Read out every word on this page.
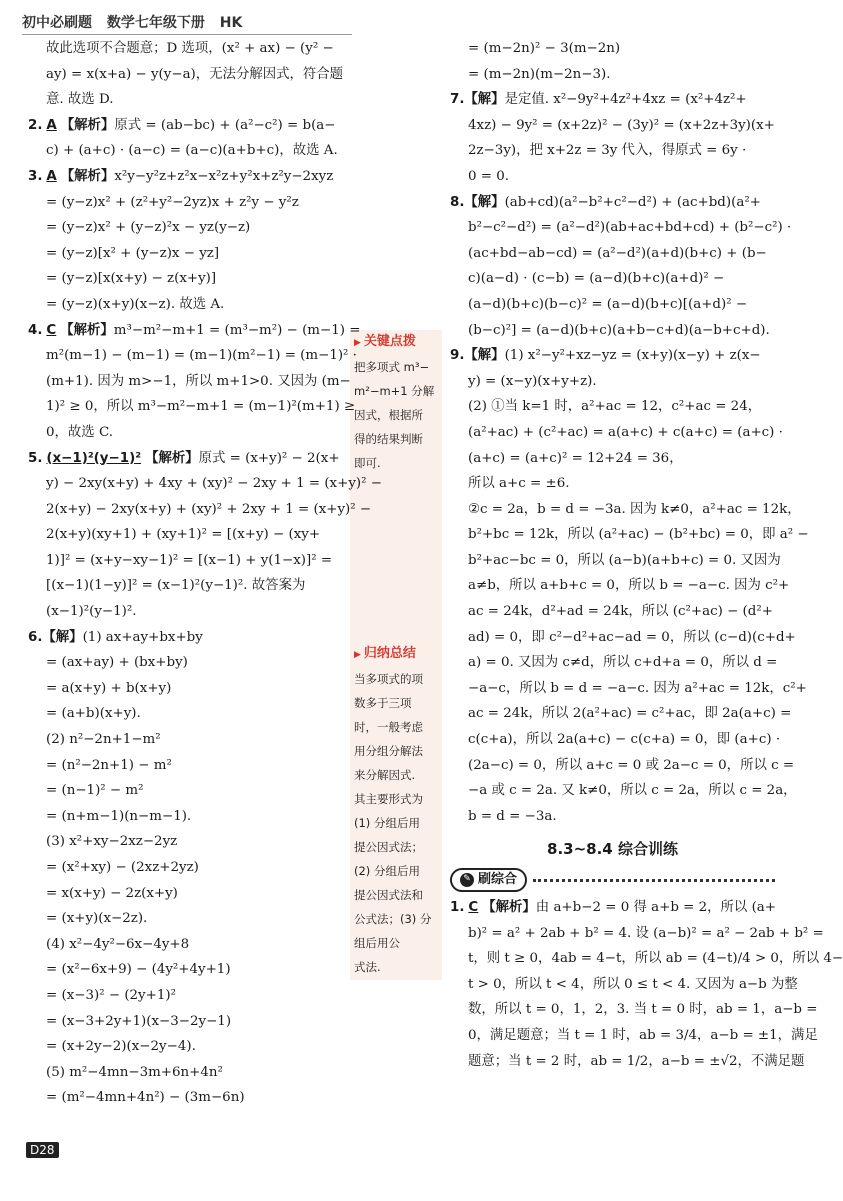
初中必刷题 数学七年级下册 HK
故此选项不合题意；D 选项，(x² + ax) − (y² −
ay) = x(x+a) − y(y−a)，无法分解因式，符合题
意. 故选 D.
2. A 【解析】原式 = (ab−bc) + (a²−c²) = b(a−
c) + (a+c) · (a−c) = (a−c)(a+b+c)，故选 A.
3. A 【解析】x²y−y²z+z²x−x²z+y²x+z²y−2xyz
= (y−z)x² + (z²+y²−2yz)x + z²y − y²z
= (y−z)x² + (y−z)²x − yz(y−z)
= (y−z)[x² + (y−z)x − yz]
= (y−z)[x(x+y) − z(x+y)]
= (y−z)(x+y)(x−z). 故选 A.
4. C 【解析】m³−m²−m+1 = (m³−m²) − (m−1) =
m²(m−1) − (m−1) = (m−1)(m²−1) = (m−1)² ·
(m+1). 因为 m>−1，所以 m+1>0. 又因为 (m−
1)² ≥ 0，所以 m³−m²−m+1 = (m−1)²(m+1) ≥
0，故选 C.
5. (x−1)²(y−1)² 【解析】原式 = (x+y)² − 2(x+
y) − 2xy(x+y) + 4xy + (xy)² − 2xy + 1 = (x+y)² −
2(x+y) − 2xy(x+y) + (xy)² + 2xy + 1 = (x+y)² −
2(x+y)(xy+1) + (xy+1)² = [(x+y) − (xy+
1)]² = (x+y−xy−1)² = [(x−1) + y(1−x)]² =
[(x−1)(1−y)]² = (x−1)²(y−1)². 故答案为
(x−1)²(y−1)².
6.【解】(1) ax+ay+bx+by
= (ax+ay) + (bx+by)
= a(x+y) + b(x+y)
= (a+b)(x+y).
(2) n²−2n+1−m²
= (n²−2n+1) − m²
= (n−1)² − m²
= (n+m−1)(n−m−1).
(3) x²+xy−2xz−2yz
= (x²+xy) − (2xz+2yz)
= x(x+y) − 2z(x+y)
= (x+y)(x−2z).
(4) x²−4y²−6x−4y+8
= (x²−6x+9) − (4y²+4y+1)
= (x−3)² − (2y+1)²
= (x−3+2y+1)(x−3−2y−1)
= (x+2y−2)(x−2y−4).
(5) m²−4mn−3m+6n+4n²
= (m²−4mn+4n²) − (3m−6n)
▶ 关键点拨
把多项式 m³−
m²−m+1 分解
因式，根据所
得的结果判断
即可.
▶ 归纳总结
当多项式的项
数多于三项
时，一般考虑
用分组分解法
来分解因式.
其主要形式为
(1) 分组后用
提公因式法；
(2) 分组后用
提公因式法和
公式法；(3) 分
组后用公
式法.
= (m−2n)² − 3(m−2n)
= (m−2n)(m−2n−3).
7.【解】是定值. x²−9y²+4z²+4xz = (x²+4z²+
4xz) − 9y² = (x+2z)² − (3y)² = (x+2z+3y)(x+
2z−3y)，把 x+2z = 3y 代入，得原式 = 6y ·
0 = 0.
8.【解】(ab+cd)(a²−b²+c²−d²) + (ac+bd)(a²+
b²−c²−d²) = (a²−d²)(ab+ac+bd+cd) + (b²−c²) ·
(ac+bd−ab−cd) = (a²−d²)(a+d)(b+c) + (b−
c)(a−d) · (c−b) = (a−d)(b+c)(a+d)² −
(a−d)(b+c)(b−c)² = (a−d)(b+c)[(a+d)² −
(b−c)²] = (a−d)(b+c)(a+b−c+d)(a−b+c+d).
9.【解】(1) x²−y²+xz−yz = (x+y)(x−y) + z(x−
y) = (x−y)(x+y+z).
(2) ①当 k=1 时，a²+ac = 12，c²+ac = 24，
(a²+ac) + (c²+ac) = a(a+c) + c(a+c) = (a+c) ·
(a+c) = (a+c)² = 12+24 = 36，
所以 a+c = ±6.
②c = 2a，b = d = −3a. 因为 k≠0，a²+ac = 12k，
b²+bc = 12k，所以 (a²+ac) − (b²+bc) = 0，即 a² −
b²+ac−bc = 0，所以 (a−b)(a+b+c) = 0. 又因为
a≠b，所以 a+b+c = 0，所以 b = −a−c. 因为 c²+
ac = 24k，d²+ad = 24k，所以 (c²+ac) − (d²+
ad) = 0，即 c²−d²+ac−ad = 0，所以 (c−d)(c+d+
a) = 0. 又因为 c≠d，所以 c+d+a = 0，所以 d =
−a−c，所以 b = d = −a−c. 因为 a²+ac = 12k，c²+
ac = 24k，所以 2(a²+ac) = c²+ac，即 2a(a+c) =
c(c+a)，所以 2a(a+c) − c(c+a) = 0，即 (a+c) ·
(2a−c) = 0，所以 a+c = 0 或 2a−c = 0，所以 c =
−a 或 c = 2a. 又 k≠0，所以 c = 2a，所以 c = 2a，
b = d = −3a.
8.3~8.4 综合训练
✎ 刷综合
1. C 【解析】由 a+b−2 = 0 得 a+b = 2，所以 (a+
b)² = a² + 2ab + b² = 4. 设 (a−b)² = a² − 2ab + b² =
t，则 t ≥ 0，4ab = 4−t，所以 ab = (4−t)/4 > 0，所以 4−
t > 0，所以 t < 4，所以 0 ≤ t < 4. 又因为 a−b 为整
数，所以 t = 0，1，2，3. 当 t = 0 时，ab = 1，a−b =
0，满足题意；当 t = 1 时，ab = 3/4，a−b = ±1，满足
题意；当 t = 2 时，ab = 1/2，a−b = ±√2，不满足题
D28
